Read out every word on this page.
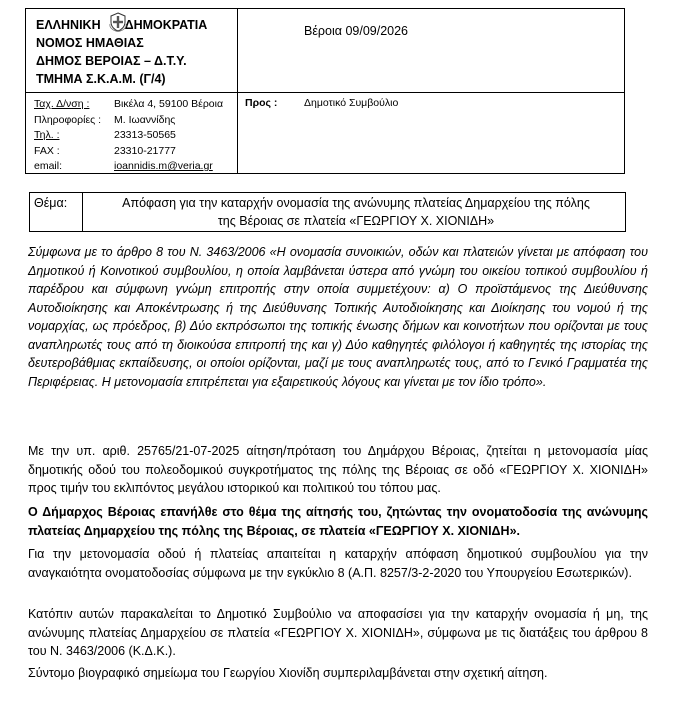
ΕΛΛΗΝΙΚΗ ΔΗΜΟΚΡΑΤΙΑ
ΝΟΜΟΣ ΗΜΑΘΙΑΣ
ΔΗΜΟΣ ΒΕΡΟΙΑΣ – Δ.Τ.Υ.
ΤΜΗΜΑ Σ.Κ.Α.Μ. (Γ/4)
Βέροια 09/09/2026
Ταχ. Δ/νση :	Βικέλα 4, 59100 Βέροια
Πληροφορίες :	Μ. Ιωαννίδης
Τηλ. :	23313-50565
FAX :	23310-21777
email:	ioannidis.m@veria.gr
Προς :	Δημοτικό Συμβούλιο
Θέμα:	Απόφαση για την καταρχήν ονομασία της ανώνυμης πλατείας Δημαρχείου της πόλης
της Βέροιας σε πλατεία «ΓΕΩΡΓΙΟΥ Χ. ΧΙΟΝΙΔΗ»
Σύμφωνα με το άρθρο 8 του Ν. 3463/2006 «Η ονομασία συνοικιών, οδών και πλατειών γίνεται με απόφαση του Δημοτικού ή Κοινοτικού συμβουλίου, η οποία λαμβάνεται ύστερα από γνώμη του οικείου τοπικού συμβουλίου ή παρέδρου και σύμφωνη γνώμη επιτροπής στην οποία συμμετέχουν: α) Ο προϊστάμενος της Διεύθυνσης Αυτοδιοίκησης και Αποκέντρωσης ή της Διεύθυνσης Τοπικής Αυτοδιοίκησης και Διοίκησης του νομού ή της νομαρχίας, ως πρόεδρος, β) Δύο εκπρόσωποι της τοπικής ένωσης δήμων και κοινοτήτων που ορίζονται με τους αναπληρωτές τους από τη διοικούσα επιτροπή της και γ) Δύο καθηγητές φιλόλογοι ή καθηγητές της ιστορίας της δευτεροβάθμιας εκπαίδευσης, οι οποίοι ορίζονται, μαζί με τους αναπληρωτές τους, από το Γενικό Γραμματέα της Περιφέρειας. Η μετονομασία επιτρέπεται για εξαιρετικούς λόγους και γίνεται με τον ίδιο τρόπο».
Με την υπ. αριθ. 25765/21-07-2025 αίτηση/πρόταση του Δημάρχου Βέροιας, ζητείται η μετονομασία μίας δημοτικής οδού του πολεοδομικού συγκροτήματος της πόλης της Βέροιας σε οδό «ΓΕΩΡΓΙΟΥ Χ. ΧΙΟΝΙΔΗ» προς τιμήν του εκλιπόντος μεγάλου ιστορικού και πολιτικού του τόπου μας.
Ο Δήμαρχος Βέροιας επανήλθε στο θέμα της αίτησής του, ζητώντας την ονοματοδοσία της ανώνυμης πλατείας Δημαρχείου της πόλης της Βέροιας, σε πλατεία «ΓΕΩΡΓΙΟΥ Χ. ΧΙΟΝΙΔΗ».
Για την μετονομασία οδού ή πλατείας απαιτείται η καταρχήν απόφαση δημοτικού συμβουλίου για την αναγκαιότητα ονοματοδοσίας σύμφωνα με την εγκύκλιο 8 (Α.Π. 8257/3-2-2020 του Υπουργείου Εσωτερικών).
Κατόπιν αυτών παρακαλείται το Δημοτικό Συμβούλιο να αποφασίσει για την καταρχήν ονομασία ή μη, της ανώνυμης πλατείας Δημαρχείου σε πλατεία «ΓΕΩΡΓΙΟΥ Χ. ΧΙΟΝΙΔΗ», σύμφωνα με τις διατάξεις του άρθρου 8 του Ν. 3463/2006 (Κ.Δ.Κ.).
Σύντομο βιογραφικό σημείωμα του Γεωργίου Χιονίδη συμπεριλαμβάνεται στην σχετική αίτηση.
